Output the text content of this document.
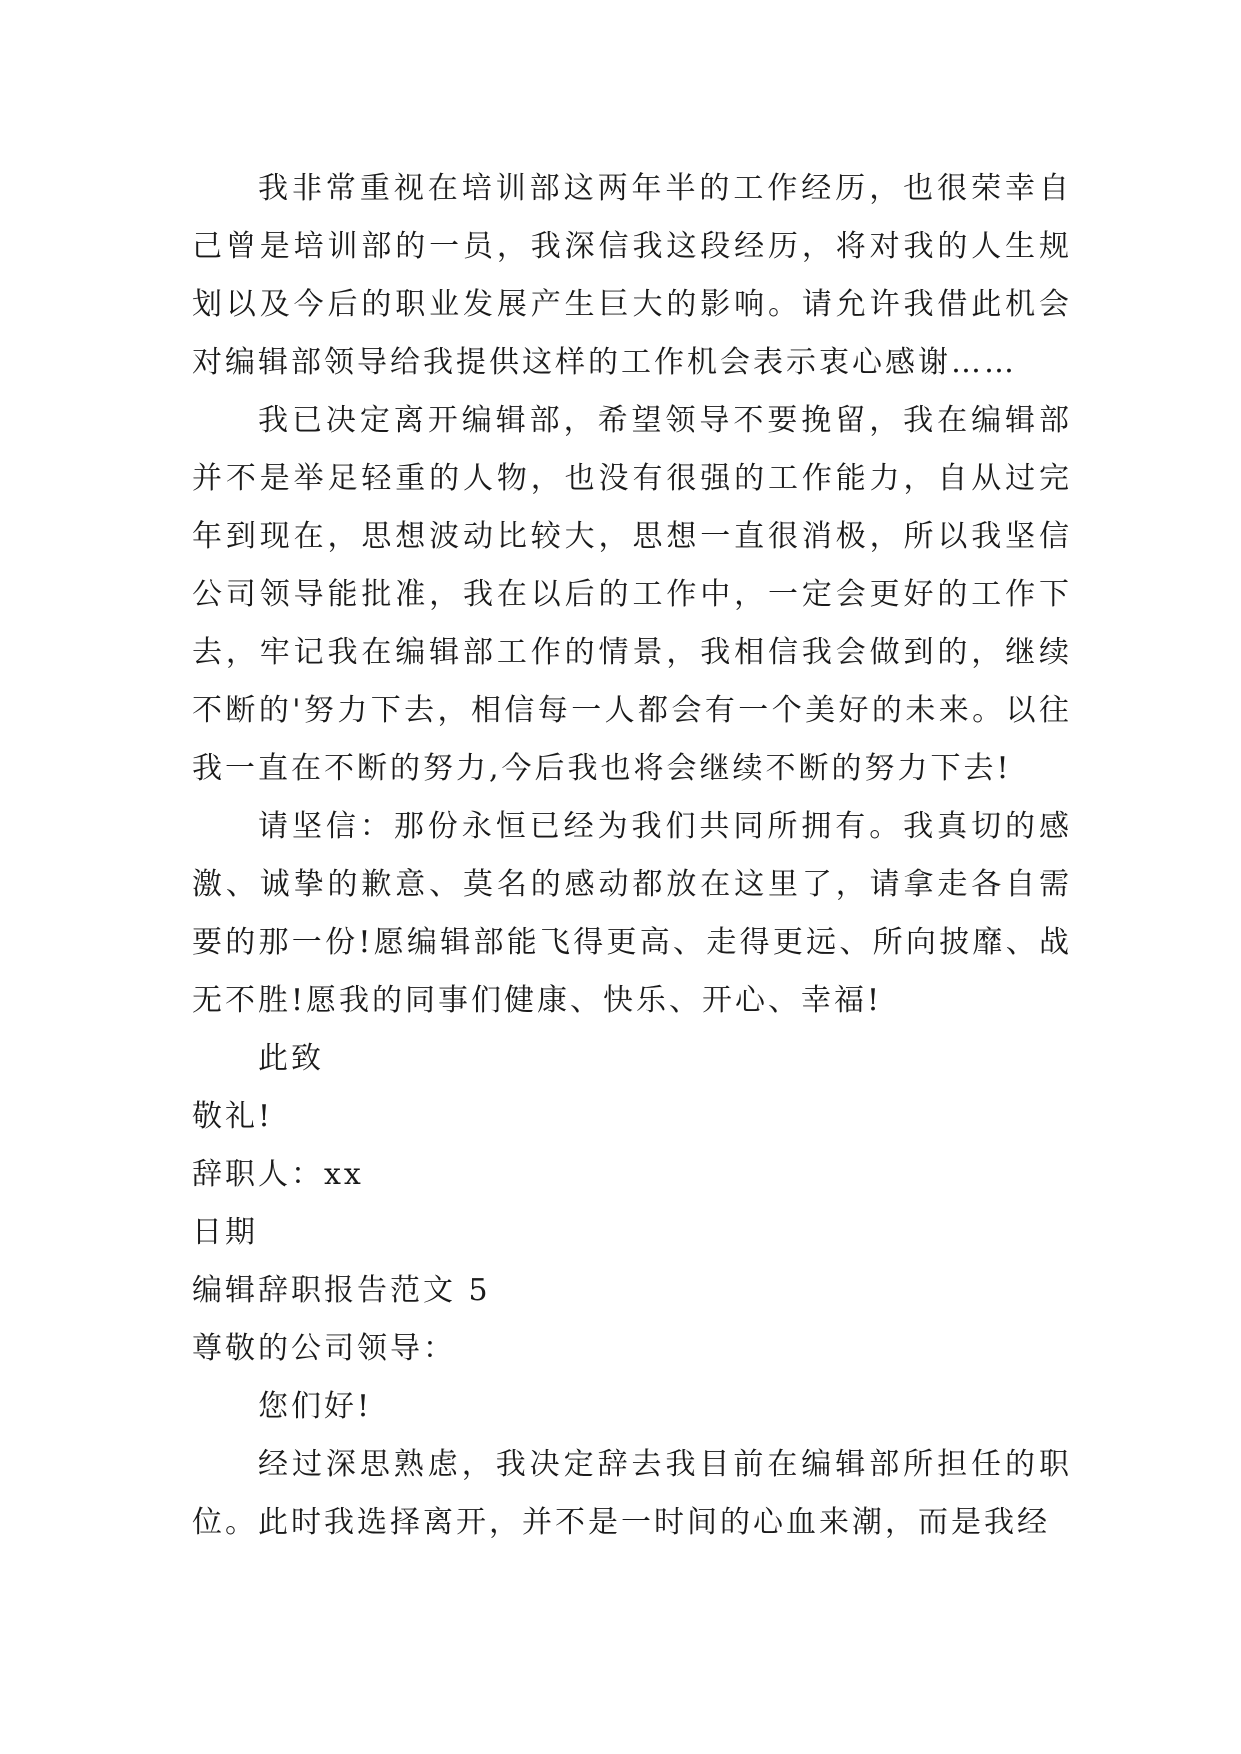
我非常重视在培训部这两年半的工作经历，也很荣幸自己曾是培训部的一员，我深信我这段经历，将对我的人生规划以及今后的职业发展产生巨大的影响。请允许我借此机会对编辑部领导给我提供这样的工作机会表示衷心感谢……

我已决定离开编辑部，希望领导不要挽留，我在编辑部并不是举足轻重的人物，也没有很强的工作能力，自从过完年到现在，思想波动比较大，思想一直很消极，所以我坚信公司领导能批准，我在以后的工作中，一定会更好的工作下去，牢记我在编辑部工作的情景，我相信我会做到的，继续不断的'努力下去，相信每一人都会有一个美好的未来。以往我一直在不断的努力,今后我也将会继续不断的努力下去!

请坚信：那份永恒已经为我们共同所拥有。我真切的感激、诚挚的歉意、莫名的感动都放在这里了，请拿走各自需要的那一份!愿编辑部能飞得更高、走得更远、所向披靡、战无不胜!愿我的同事们健康、快乐、开心、幸福!

此致

敬礼!

辞职人：xx

日期

编辑辞职报告范文 5

尊敬的公司领导：

您们好!

经过深思熟虑，我决定辞去我目前在编辑部所担任的职位。此时我选择离开，并不是一时间的心血来潮，而是我经
